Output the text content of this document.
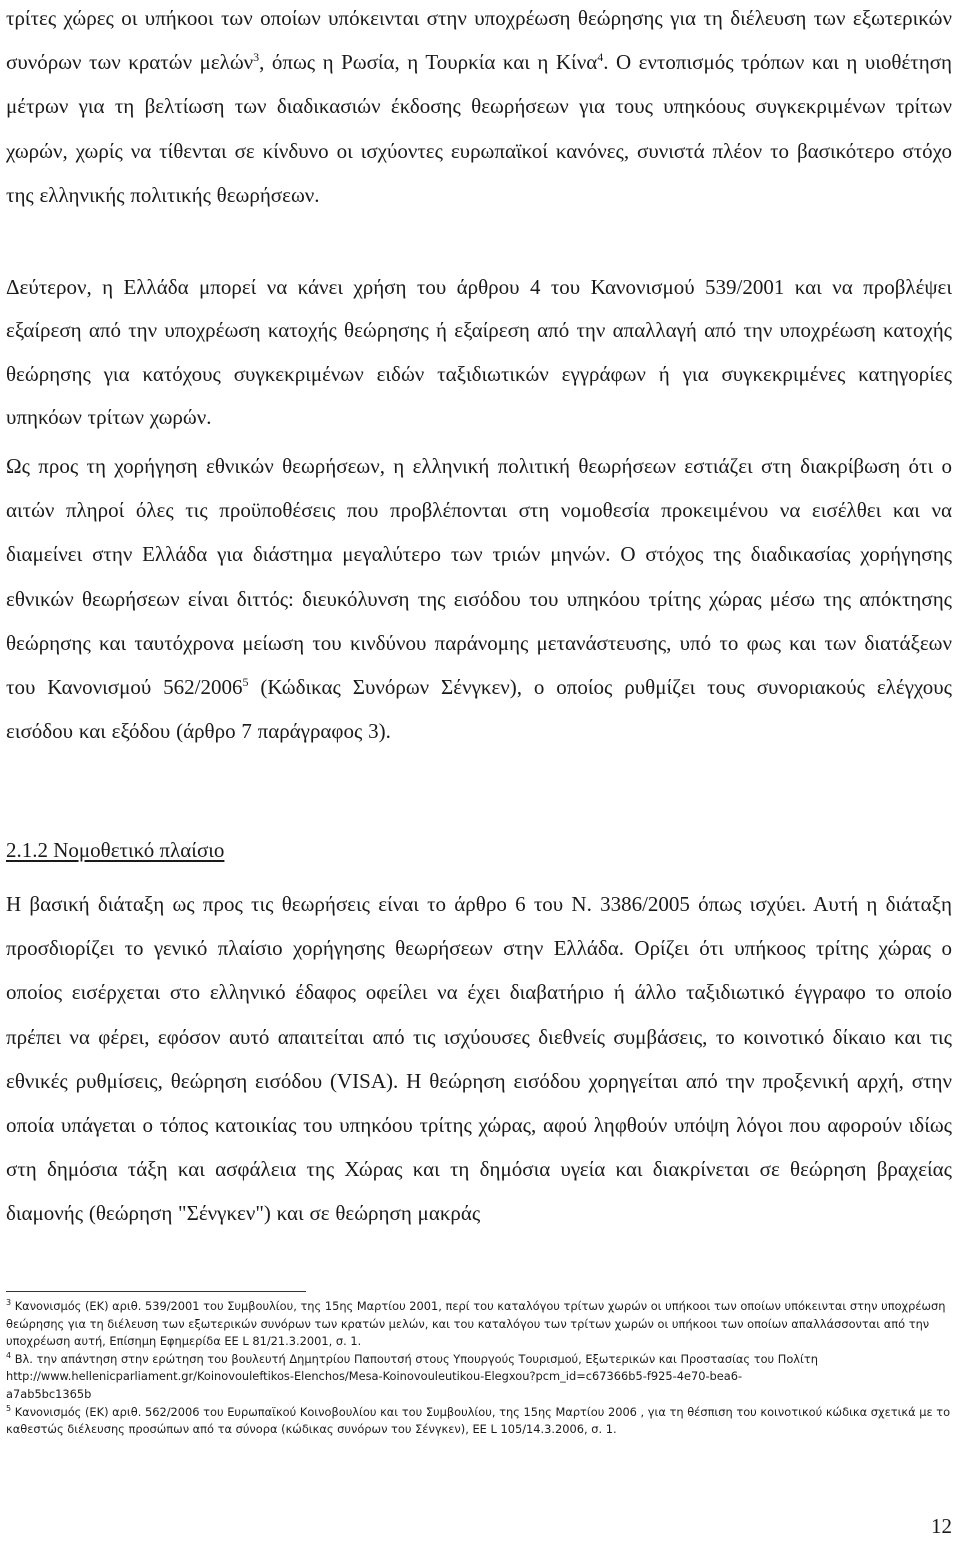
τρίτες χώρες οι υπήκοοι των οποίων υπόκεινται στην υποχρέωση θεώρησης για τη διέλευση των εξωτερικών συνόρων των κρατών μελών$^3$, όπως η Ρωσία, η Τουρκία και η Κίνα$^4$. Ο εντοπισμός τρόπων και η υιοθέτηση μέτρων για τη βελτίωση των διαδικασιών έκδοσης θεωρήσεων για τους υπηκόους συγκεκριμένων τρίτων χωρών, χωρίς να τίθενται σε κίνδυνο οι ισχύοντες ευρωπαϊκοί κανόνες, συνιστά πλέον το βασικότερο στόχο της ελληνικής πολιτικής θεωρήσεων.

Δεύτερον, η Ελλάδα μπορεί να κάνει χρήση του άρθρου 4 του Κανονισμού 539/2001 και να προβλέψει εξαίρεση από την υποχρέωση κατοχής θεώρησης ή εξαίρεση από την απαλλαγή από την υποχρέωση κατοχής θεώρησης για κατόχους συγκεκριμένων ειδών ταξιδιωτικών εγγράφων ή για συγκεκριμένες κατηγορίες υπηκόων τρίτων χωρών.

Ως προς τη χορήγηση εθνικών θεωρήσεων, η ελληνική πολιτική θεωρήσεων εστιάζει στη διακρίβωση ότι ο αιτών πληροί όλες τις προϋποθέσεις που προβλέπονται στη νομοθεσία προκειμένου να εισέλθει και να διαμείνει στην Ελλάδα για διάστημα μεγαλύτερο των τριών μηνών. Ο στόχος της διαδικασίας χορήγησης εθνικών θεωρήσεων είναι διττός: διευκόλυνση της εισόδου του υπηκόου τρίτης χώρας μέσω της απόκτησης θεώρησης και ταυτόχρονα μείωση του κινδύνου παράνομης μετανάστευσης, υπό το φως και των διατάξεων του Κανονισμού 562/2006$^5$ (Κώδικας Συνόρων Σένγκεν), ο οποίος ρυθμίζει τους συνοριακούς ελέγχους εισόδου και εξόδου (άρθρο 7 παράγραφος 3).

2.1.2 Νομοθετικό πλαίσιο

Η βασική διάταξη ως προς τις θεωρήσεις είναι το άρθρο 6 του Ν. 3386/2005 όπως ισχύει. Αυτή η διάταξη προσδιορίζει το γενικό πλαίσιο χορήγησης θεωρήσεων στην Ελλάδα. Ορίζει ότι υπήκοος τρίτης χώρας ο οποίος εισέρχεται στο ελληνικό έδαφος οφείλει να έχει διαβατήριο ή άλλο ταξιδιωτικό έγγραφο το οποίο πρέπει να φέρει, εφόσον αυτό απαιτείται από τις ισχύουσες διεθνείς συμβάσεις, το κοινοτικό δίκαιο και τις εθνικές ρυθμίσεις, θεώρηση εισόδου (VISA). Η θεώρηση εισόδου χορηγείται από την προξενική αρχή, στην οποία υπάγεται ο τόπος κατοικίας του υπηκόου τρίτης χώρας, αφού ληφθούν υπόψη λόγοι που αφορούν ιδίως στη δημόσια τάξη και ασφάλεια της Χώρας και τη δημόσια υγεία και διακρίνεται σε θεώρηση βραχείας διαμονής (θεώρηση "Σένγκεν") και σε θεώρηση μακράς

$^3$ Κανονισμός (ΕΚ) αριθ. 539/2001 του Συμβουλίου, της 15ης Μαρτίου 2001, περί του καταλόγου τρίτων χωρών οι υπήκοοι των οποίων υπόκεινται στην υποχρέωση θεώρησης για τη διέλευση των εξωτερικών συνόρων των κρατών μελών, και του καταλόγου των τρίτων χωρών οι υπήκοοι των οποίων απαλλάσσονται από την υποχρέωση αυτή, Επίσημη Εφημερίδα ΕΕ L 81/21.3.2001, σ. 1.

$^4$ Βλ. την απάντηση στην ερώτηση του βουλευτή Δημητρίου Παπουτσή στους Υπουργούς Τουρισμού, Εξωτερικών και Προστασίας του Πολίτη
http://www.hellenicparliament.gr/Koinovouleftikos-Elenchos/Mesa-Koinovouleutikou-Elegxou?pcm_id=c67366b5-f925-4e70-bea6-
a7ab5bc1365b

$^5$ Κανονισμός (ΕΚ) αριθ. 562/2006 του Ευρωπαϊκού Κοινοβουλίου και του Συμβουλίου, της 15ης Μαρτίου 2006 , για τη θέσπιση του κοινοτικού κώδικα σχετικά με το καθεστώς διέλευσης προσώπων από τα σύνορα (κώδικας συνόρων του Σένγκεν), ΕΕ L 105/14.3.2006, σ. 1.

12
